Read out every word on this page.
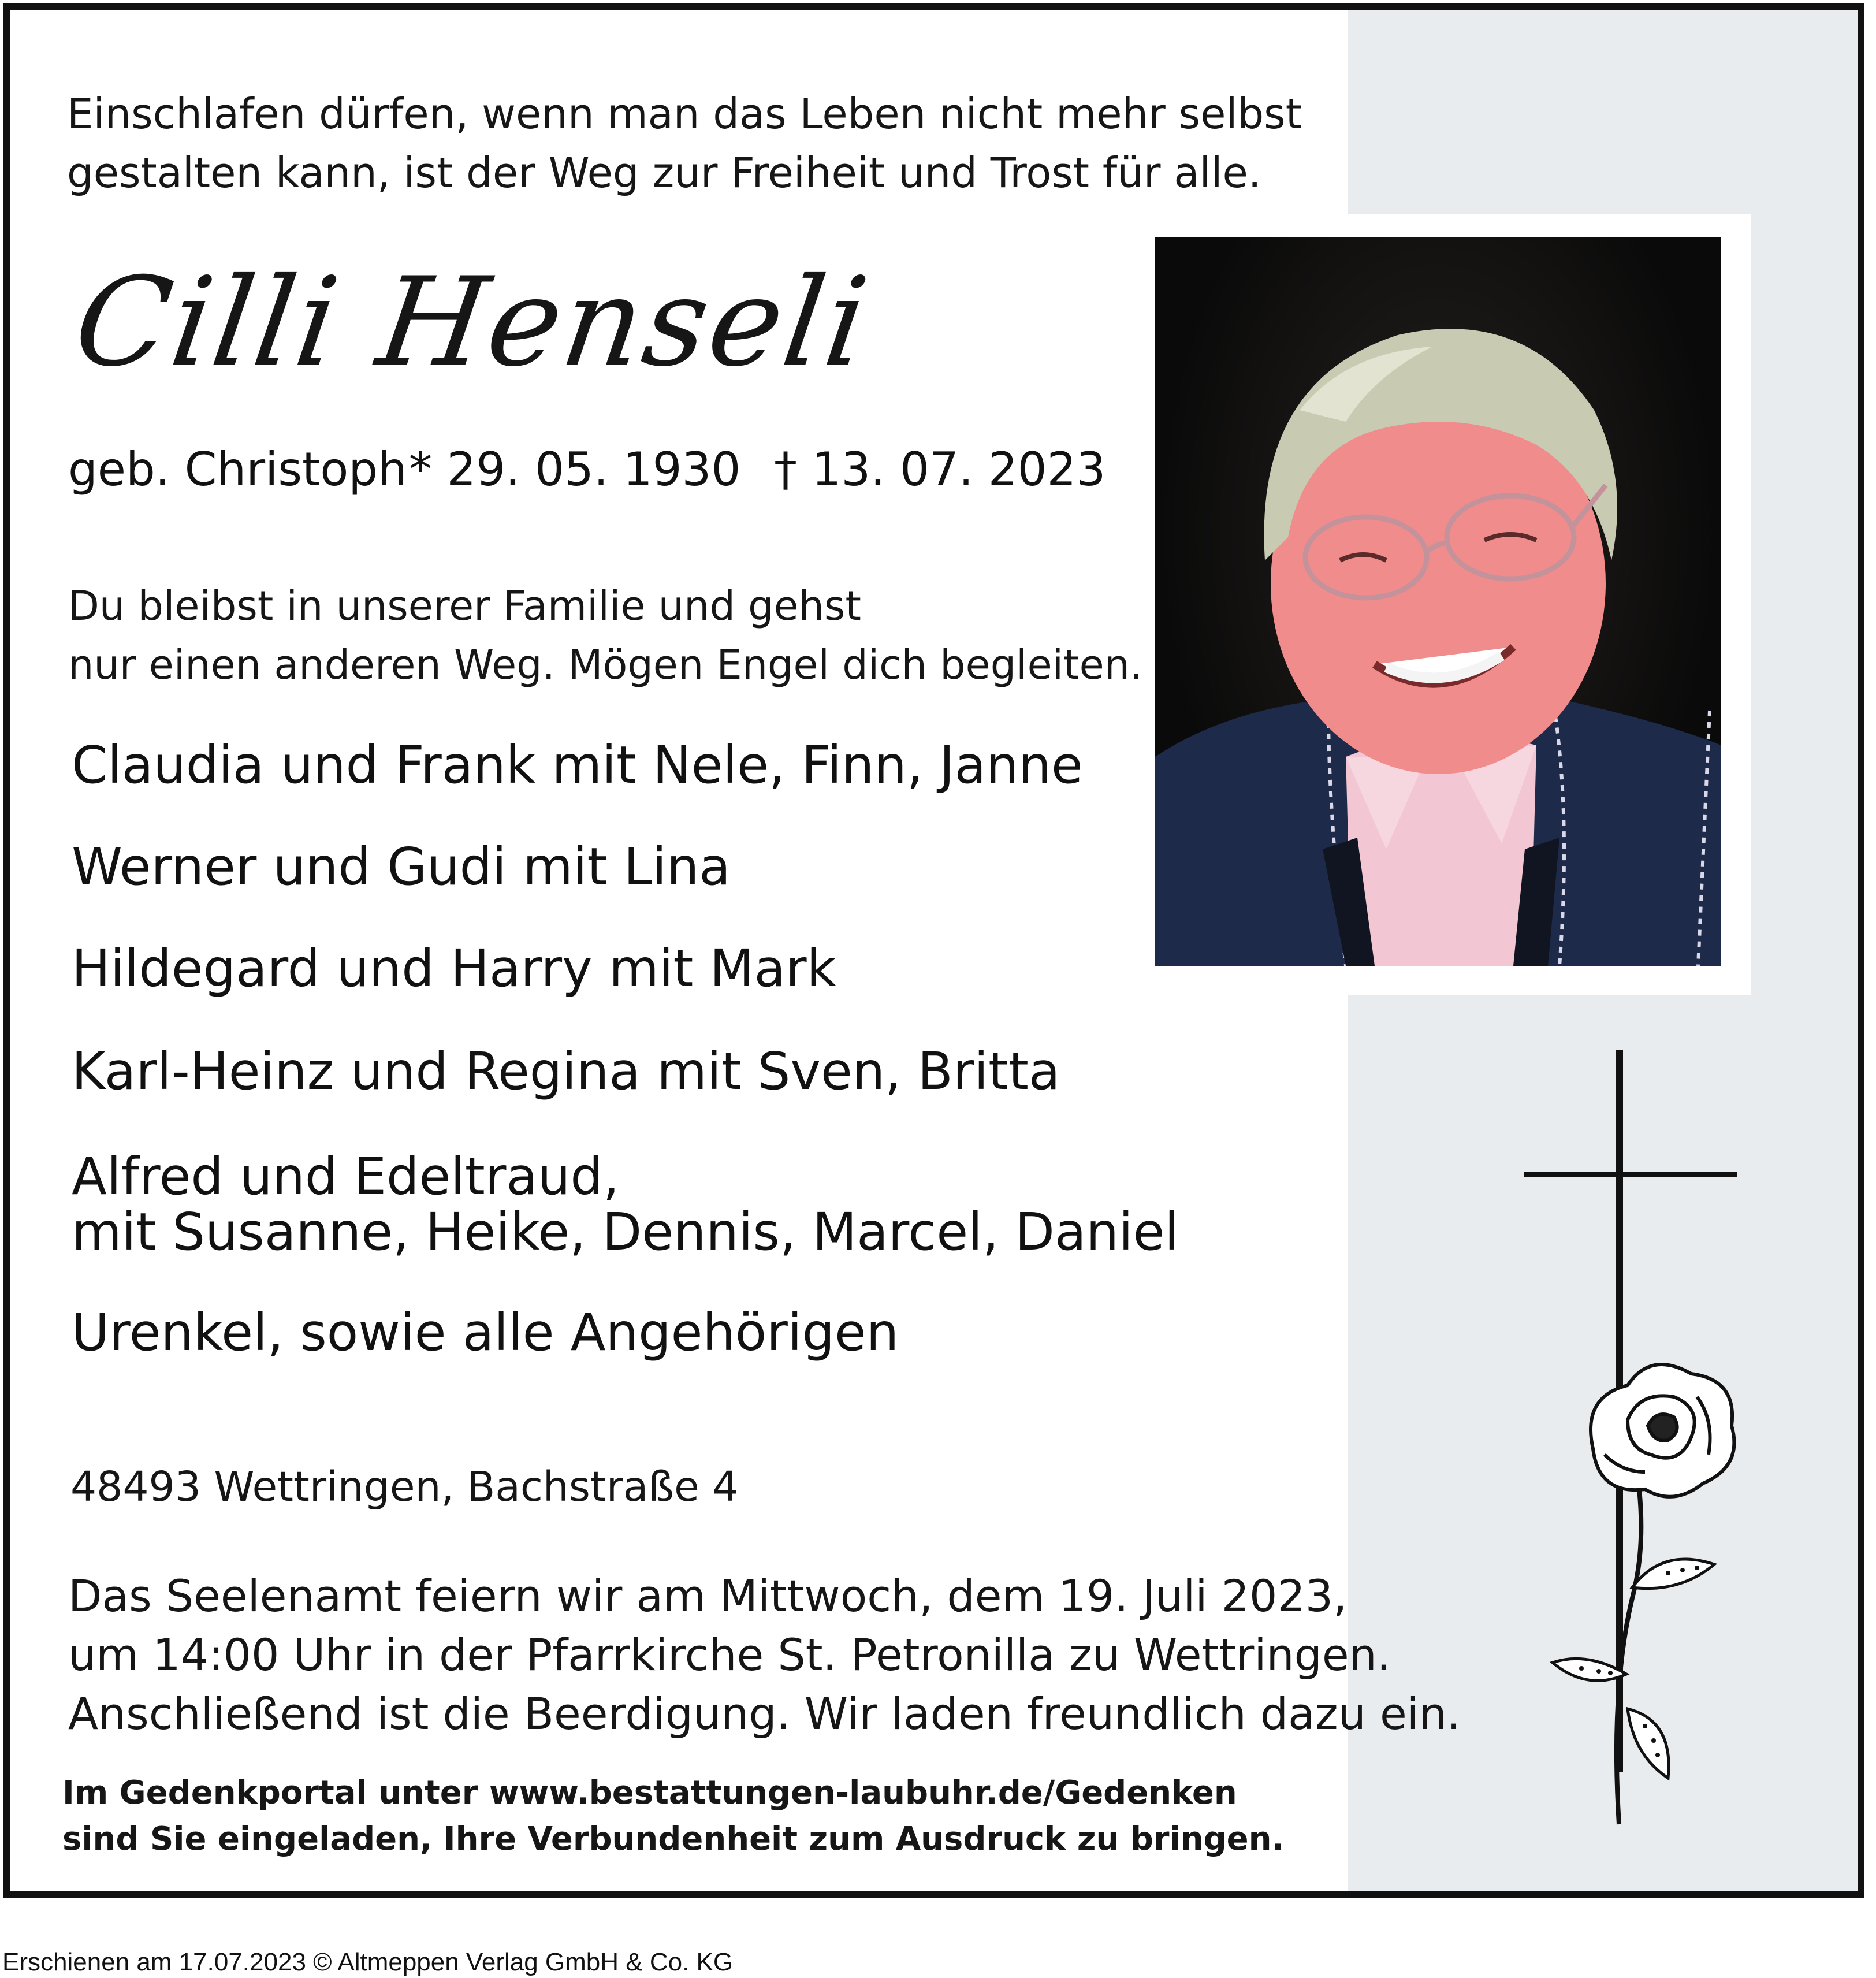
Einschlafen dürfen, wenn man das Leben nicht mehr selbst
gestalten kann, ist der Weg zur Freiheit und Trost für alle.
Cilli Henseli
geb. Christoph * 29. 05. 1930 † 13. 07. 2023
Du bleibst in unserer Familie und gehst
nur einen anderen Weg. Mögen Engel dich begleiten.
Claudia und Frank mit Nele, Finn, Janne
Werner und Gudi mit Lina
Hildegard und Harry mit Mark
Karl-Heinz und Regina mit Sven, Britta
Alfred und Edeltraud,
mit Susanne, Heike, Dennis, Marcel, Daniel
Urenkel, sowie alle Angehörigen
48493 Wettringen, Bachstraße 4
Das Seelenamt feiern wir am Mittwoch, dem 19. Juli 2023,
um 14:00 Uhr in der Pfarrkirche St. Petronilla zu Wettringen.
Anschließend ist die Beerdigung. Wir laden freundlich dazu ein.
Im Gedenkportal unter www.bestattungen-laubuhr.de/Gedenken
sind Sie eingeladen, Ihre Verbundenheit zum Ausdruck zu bringen.
Erschienen am 17.07.2023 © Altmeppen Verlag GmbH & Co. KG
